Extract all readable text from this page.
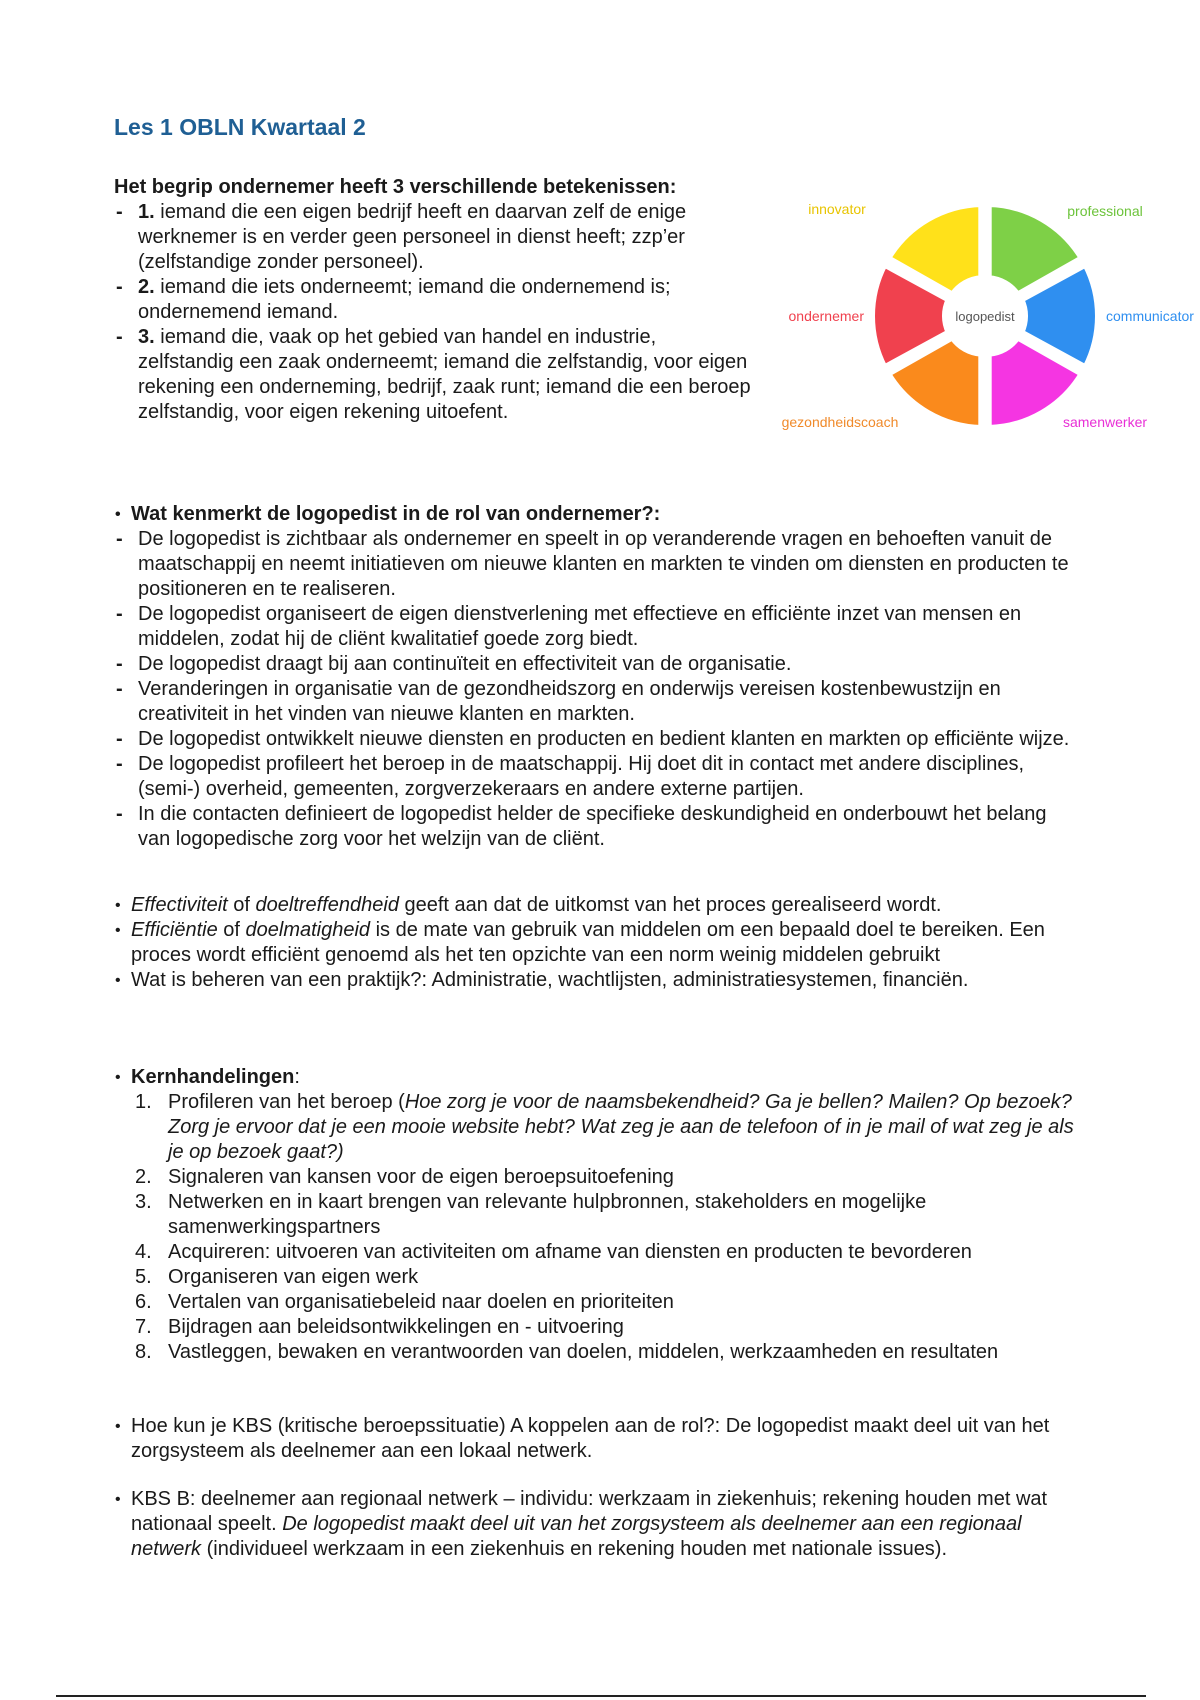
Les 1 OBLN Kwartaal 2
Het begrip ondernemer heeft 3 verschillende betekenissen:
- 1. iemand die een eigen bedrijf heeft en daarvan zelf de enige werknemer is en verder geen personeel in dienst heeft; zzp’er (zelfstandige zonder personeel).
- 2. iemand die iets onderneemt; iemand die ondernemend is; ondernemend iemand.
- 3. iemand die, vaak op het gebied van handel en industrie, zelfstandig een zaak onderneemt; iemand die zelfstandig, voor eigen rekening een onderneming, bedrijf, zaak runt; iemand die een beroep zelfstandig, voor eigen rekening uitoefent.
logopedist
innovator	professional
communicator
samenwerker
gezondheidscoach
ondernemer
• Wat kenmerkt de logopedist in de rol van ondernemer?:
- De logopedist is zichtbaar als ondernemer en speelt in op veranderende vragen en behoeften vanuit de maatschappij en neemt initiatieven om nieuwe klanten en markten te vinden om diensten en producten te positioneren en te realiseren.
- De logopedist organiseert de eigen dienstverlening met effectieve en efficiënte inzet van mensen en middelen, zodat hij de cliënt kwalitatief goede zorg biedt.
- De logopedist draagt bij aan continuïteit en effectiviteit van de organisatie.
- Veranderingen in organisatie van de gezondheidszorg en onderwijs vereisen kostenbewustzijn en creativiteit in het vinden van nieuwe klanten en markten.
- De logopedist ontwikkelt nieuwe diensten en producten en bedient klanten en markten op efficiënte wijze.
- De logopedist profileert het beroep in de maatschappij. Hij doet dit in contact met andere disciplines, (semi-) overheid, gemeenten, zorgverzekeraars en andere externe partijen.
- In die contacten definieert de logopedist helder de specifieke deskundigheid en onderbouwt het belang van logopedische zorg voor het welzijn van de cliënt.
• Effectiviteit of doeltreffendheid geeft aan dat de uitkomst van het proces gerealiseerd wordt.
• Efficiëntie of doelmatigheid is de mate van gebruik van middelen om een bepaald doel te bereiken. Een proces wordt efficiënt genoemd als het ten opzichte van een norm weinig middelen gebruikt
• Wat is beheren van een praktijk?: Administratie, wachtlijsten, administratiesystemen, financiën.
• Kernhandelingen:
1. Profileren van het beroep (Hoe zorg je voor de naamsbekendheid? Ga je bellen? Mailen? Op bezoek? Zorg je ervoor dat je een mooie website hebt? Wat zeg je aan de telefoon of in je mail of wat zeg je als je op bezoek gaat?)
2. Signaleren van kansen voor de eigen beroepsuitoefening
3. Netwerken en in kaart brengen van relevante hulpbronnen, stakeholders en mogelijke samenwerkingspartners
4. Acquireren: uitvoeren van activiteiten om afname van diensten en producten te bevorderen
5. Organiseren van eigen werk
6. Vertalen van organisatiebeleid naar doelen en prioriteiten
7. Bijdragen aan beleidsontwikkelingen en - uitvoering
8. Vastleggen, bewaken en verantwoorden van doelen, middelen, werkzaamheden en resultaten
• Hoe kun je KBS (kritische beroepssituatie) A koppelen aan de rol?: De logopedist maakt deel uit van het zorgsysteem als deelnemer aan een lokaal netwerk.
• KBS B: deelnemer aan regionaal netwerk – individu: werkzaam in ziekenhuis; rekening houden met wat nationaal speelt. De logopedist maakt deel uit van het zorgsysteem als deelnemer aan een regionaal netwerk (individueel werkzaam in een ziekenhuis en rekening houden met nationale issues).
